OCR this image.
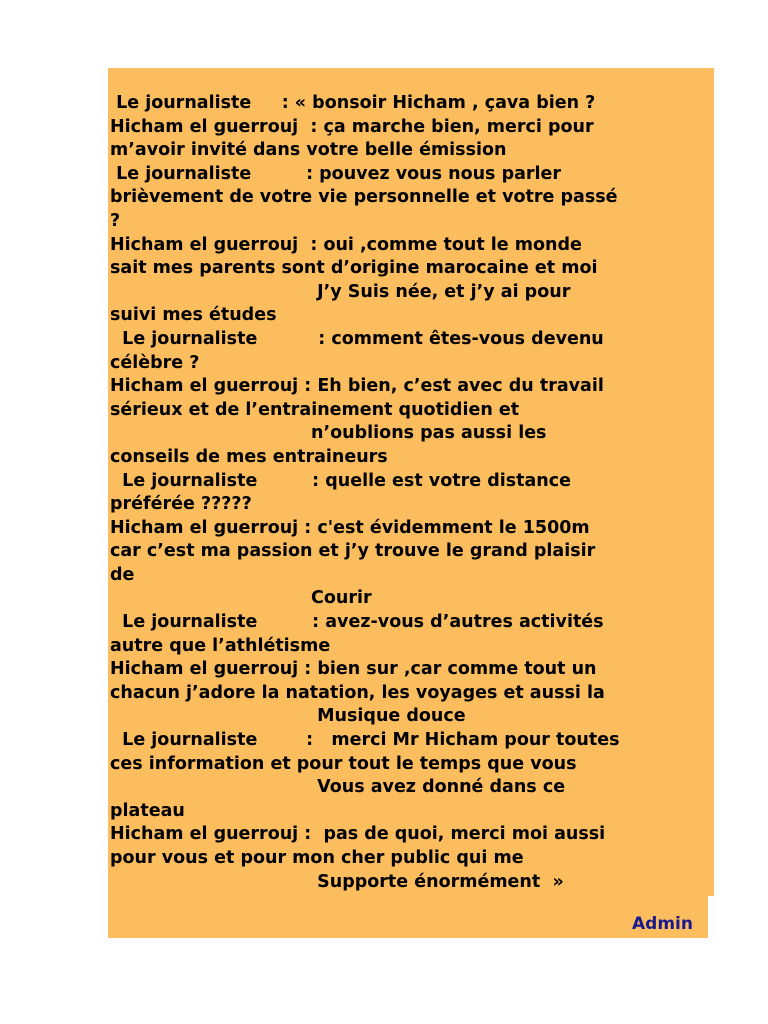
Le journaliste     : « bonsoir Hicham , çava bien ?
Hicham el guerrouj  : ça marche bien, merci pour
m’avoir invité dans votre belle émission
Le journaliste         : pouvez vous nous parler
brièvement de votre vie personnelle et votre passé
?
Hicham el guerrouj  : oui ,comme tout le monde
sait mes parents sont d’origine marocaine et moi
J’y Suis née, et j’y ai pour
suivi mes études
Le journaliste          : comment êtes-vous devenu
célèbre ?
Hicham el guerrouj : Eh bien, c’est avec du travail
sérieux et de l’entrainement quotidien et
n’oublions pas aussi les
conseils de mes entraineurs
Le journaliste         : quelle est votre distance
préférée ?????
Hicham el guerrouj : c'est évidemment le 1500m
car c’est ma passion et j’y trouve le grand plaisir
de
Courir
Le journaliste         : avez-vous d’autres activités
autre que l’athlétisme
Hicham el guerrouj : bien sur ,car comme tout un
chacun j’adore la natation, les voyages et aussi la
Musique douce
Le journaliste        :   merci Mr Hicham pour toutes
ces information et pour tout le temps que vous
Vous avez donné dans ce
plateau
Hicham el guerrouj :  pas de quoi, merci moi aussi
pour vous et pour mon cher public qui me
Supporte énormément  »
Admin
